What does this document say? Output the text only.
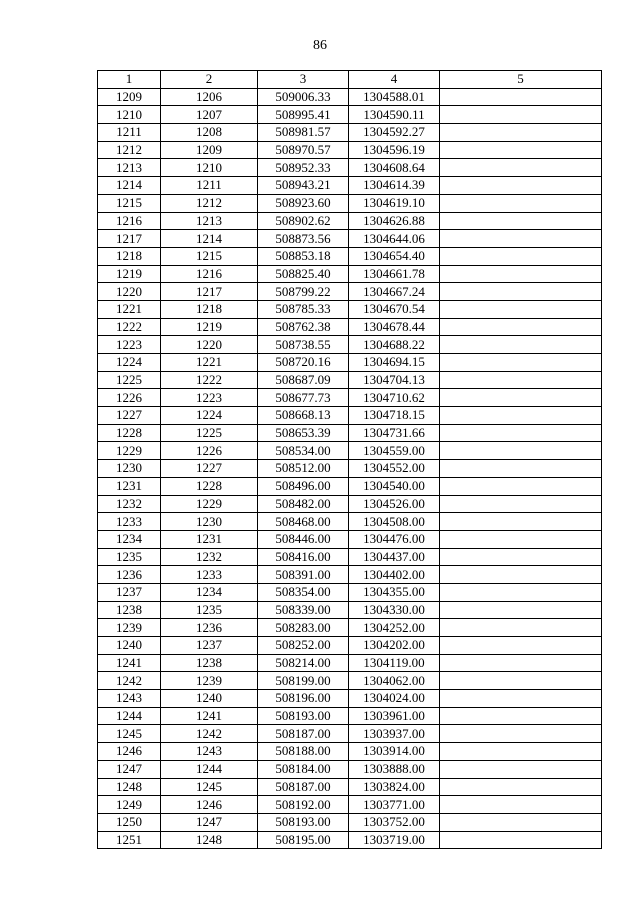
86
1	2	3	4	5
1209	1206	509006.33	1304588.01	
1210	1207	508995.41	1304590.11	
1211	1208	508981.57	1304592.27	
1212	1209	508970.57	1304596.19	
1213	1210	508952.33	1304608.64	
1214	1211	508943.21	1304614.39	
1215	1212	508923.60	1304619.10	
1216	1213	508902.62	1304626.88	
1217	1214	508873.56	1304644.06	
1218	1215	508853.18	1304654.40	
1219	1216	508825.40	1304661.78	
1220	1217	508799.22	1304667.24	
1221	1218	508785.33	1304670.54	
1222	1219	508762.38	1304678.44	
1223	1220	508738.55	1304688.22	
1224	1221	508720.16	1304694.15	
1225	1222	508687.09	1304704.13	
1226	1223	508677.73	1304710.62	
1227	1224	508668.13	1304718.15	
1228	1225	508653.39	1304731.66	
1229	1226	508534.00	1304559.00	
1230	1227	508512.00	1304552.00	
1231	1228	508496.00	1304540.00	
1232	1229	508482.00	1304526.00	
1233	1230	508468.00	1304508.00	
1234	1231	508446.00	1304476.00	
1235	1232	508416.00	1304437.00	
1236	1233	508391.00	1304402.00	
1237	1234	508354.00	1304355.00	
1238	1235	508339.00	1304330.00	
1239	1236	508283.00	1304252.00	
1240	1237	508252.00	1304202.00	
1241	1238	508214.00	1304119.00	
1242	1239	508199.00	1304062.00	
1243	1240	508196.00	1304024.00	
1244	1241	508193.00	1303961.00	
1245	1242	508187.00	1303937.00	
1246	1243	508188.00	1303914.00	
1247	1244	508184.00	1303888.00	
1248	1245	508187.00	1303824.00	
1249	1246	508192.00	1303771.00	
1250	1247	508193.00	1303752.00	
1251	1248	508195.00	1303719.00	
